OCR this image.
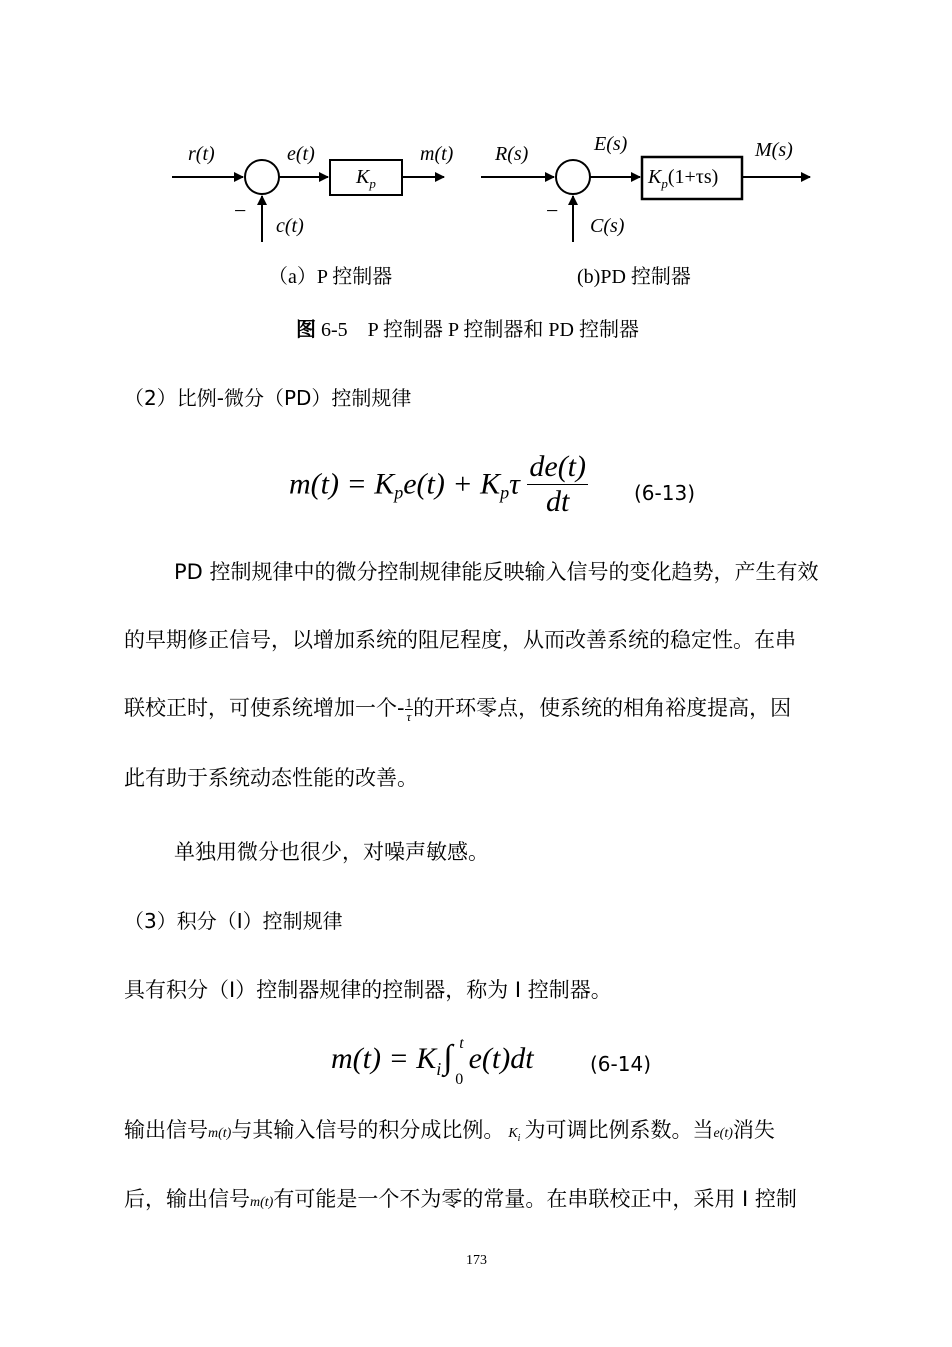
r(t)	e(t)	m(t)
c(t)
−
$K_p$
R(s)	E(s)	M(s)
C(s)
−
$K_p(1+\tau s)$
（a）P 控制器	(b)PD 控制器
图 6-5　P 控制器 P 控制器和 PD 控制器
（2）比例-微分（PD）控制规律
$m(t) = K_pe(t) + K_p\tau \frac{de(t)}{dt} (6-13)$
PD 控制规律中的微分控制规律能反映输入信号的变化趋势，产生有效
的早期修正信号，以增加系统的阻尼程度，从而改善系统的稳定性。在串
联校正时，可使系统增加一个- $\frac{1}{\tau}$ 的开环零点，使系统的相角裕度提高，因
此有助于系统动态性能的改善。
单独用微分也很少，对噪声敏感。
（3）积分（I）控制规律
具有积分（I）控制器规律的控制器，称为 I 控制器。
$m(t) = K_i\int$ t
0
e(t)dt	(6-14)
输出信号m(t)与其输入信号的积分成比例。 $K_i$ 为可调比例系数。当e(t)消失
后，输出信号m(t)有可能是一个不为零的常量。在串联校正中，采用 I 控制
173
